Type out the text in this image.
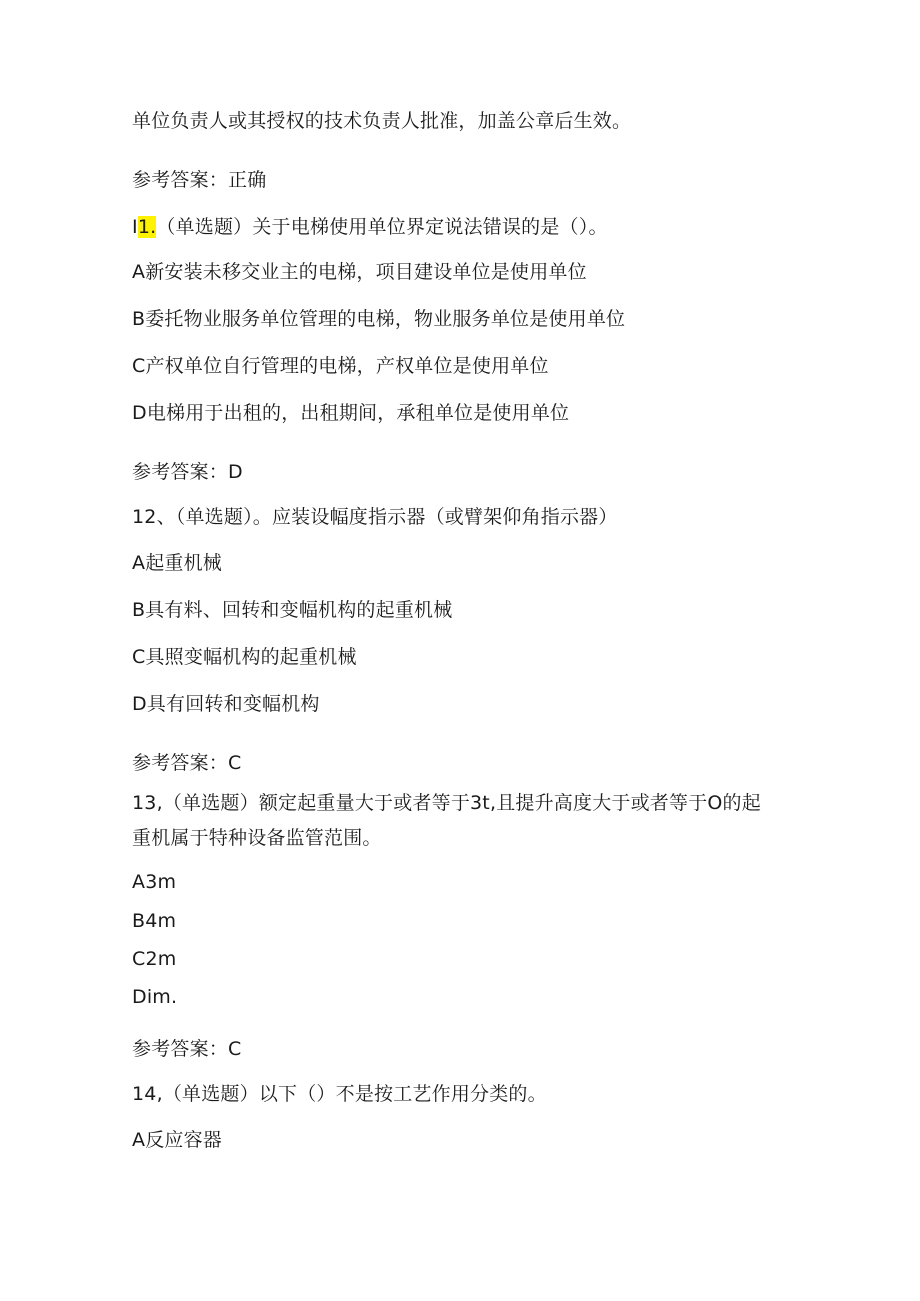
单位负责人或其授权的技术负责人批准，加盖公章后生效。
参考答案：正确
I1.（单选题）关于电梯使用单位界定说法错误的是（）。
A新安装未移交业主的电梯，项目建设单位是使用单位
B委托物业服务单位管理的电梯，物业服务单位是使用单位
C产权单位自行管理的电梯，产权单位是使用单位
D电梯用于出租的，出租期间，承租单位是使用单位
参考答案：D
12、（单选题）。应装设幅度指示器（或臂架仰角指示器）
A起重机械
B具有料、回转和变幅机构的起重机械
C具照变幅机构的起重机械
D具有回转和变幅机构
参考答案：C
13,（单选题）额定起重量大于或者等于3t,且提升高度大于或者等于O的起
重机属于特种设备监管范围。
A3m
B4m
C2m
Dim.
参考答案：C
14,（单选题）以下（）不是按工艺作用分类的。
A反应容器
